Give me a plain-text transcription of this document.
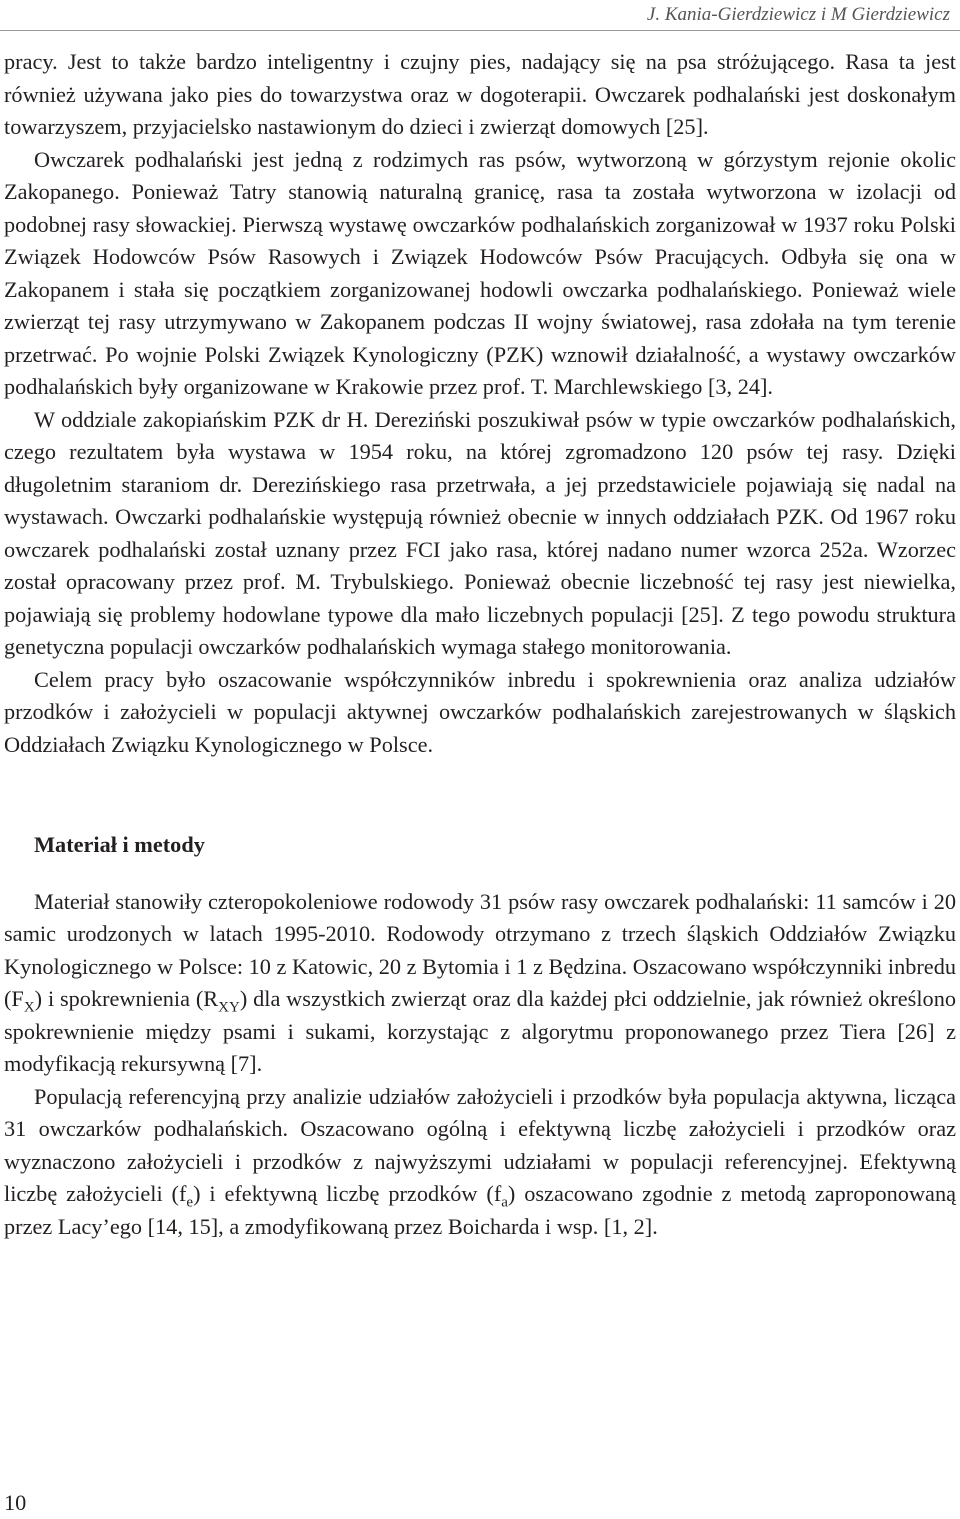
J. Kania-Gierdziewicz i M Gierdziewicz

pracy. Jest to także bardzo inteligentny i czujny pies, nadający się na psa stróżującego. Rasa ta jest również używana jako pies do towarzystwa oraz w dogoterapii. Owczarek podhalański jest doskonałym towarzyszem, przyjacielsko nastawionym do dzieci i zwierząt domowych [25].

Owczarek podhalański jest jedną z rodzimych ras psów, wytworzoną w górzystym rejonie okolic Zakopanego. Ponieważ Tatry stanowią naturalną granicę, rasa ta została wytworzona w izolacji od podobnej rasy słowackiej. Pierwszą wystawę owczarków podhalańskich zorganizował w 1937 roku Polski Związek Hodowców Psów Rasowych i Związek Hodowców Psów Pracujących. Odbyła się ona w Zakopanem i stała się początkiem zorganizowanej hodowli owczarka podhalańskiego. Ponieważ wiele zwierząt tej rasy utrzymywano w Zakopanem podczas II wojny światowej, rasa zdołała na tym terenie przetrwać. Po wojnie Polski Związek Kynologiczny (PZK) wznowił działalność, a wystawy owczarków podhalańskich były organizowane w Krakowie przez prof. T. Marchlewskiego [3, 24].

W oddziale zakopiańskim PZK dr H. Dereziński poszukiwał psów w typie owczarków podhalańskich, czego rezultatem była wystawa w 1954 roku, na której zgromadzono 120 psów tej rasy. Dzięki długoletnim staraniom dr. Derezińskiego rasa przetrwała, a jej przedstawiciele pojawiają się nadal na wystawach. Owczarki podhalańskie występują również obecnie w innych oddziałach PZK. Od 1967 roku owczarek podhalański został uznany przez FCI jako rasa, której nadano numer wzorca 252a. Wzorzec został opracowany przez prof. M. Trybulskiego. Ponieważ obecnie liczebność tej rasy jest niewielka, pojawiają się problemy hodowlane typowe dla mało liczebnych populacji [25]. Z tego powodu struktura genetyczna populacji owczarków podhalańskich wymaga stałego monitorowania.

Celem pracy było oszacowanie współczynników inbredu i spokrewnienia oraz analiza udziałów przodków i założycieli w populacji aktywnej owczarków podhalańskich zarejestrowanych w śląskich Oddziałach Związku Kynologicznego w Polsce.

Materiał i metody

Materiał stanowiły czteropokoleniowe rodowody 31 psów rasy owczarek podhalański: 11 samców i 20 samic urodzonych w latach 1995-2010. Rodowody otrzymano z trzech śląskich Oddziałów Związku Kynologicznego w Polsce: 10 z Katowic, 20 z Bytomia i 1 z Będzina. Oszacowano współczynniki inbredu $(F_X)$ i spokrewnienia $(R_{XY})$ dla wszystkich zwierząt oraz dla każdej płci oddzielnie, jak również określono spokrewnienie między psami i sukami, korzystając z algorytmu proponowanego przez Tiera [26] z modyfikacją rekursywną [7].

Populacją referencyjną przy analizie udziałów założycieli i przodków była populacja aktywna, licząca 31 owczarków podhalańskich. Oszacowano ogólną i efektywną liczbę założycieli i przodków oraz wyznaczono założycieli i przodków z najwyższymi udziałami w populacji referencyjnej. Efektywną liczbę założycieli $(f_e)$ i efektywną liczbę przodków $(f_a)$ oszacowano zgodnie z metodą zaproponowaną przez Lacy’ego [14, 15], a zmodyfikowaną przez Boicharda i wsp. [1, 2].

10
